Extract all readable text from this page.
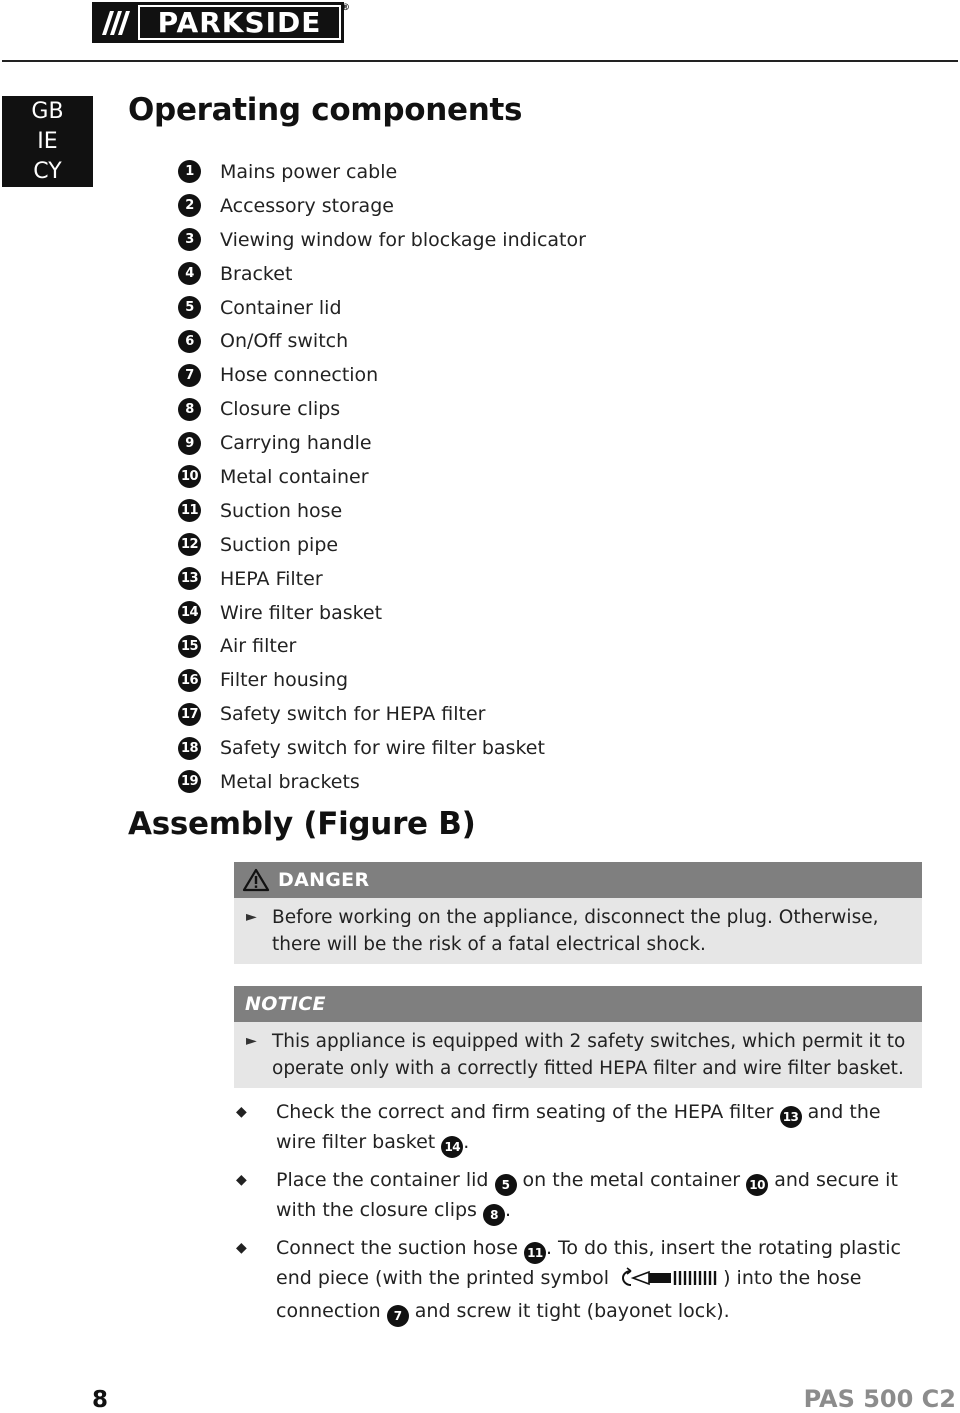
PARKSIDE ®
GB
IE
CY
Operating components
1	Mains power cable
2	Accessory storage
3	Viewing window for blockage indicator
4	Bracket
5	Container lid
6	On/Off switch
7	Hose connection
8	Closure clips
9	Carrying handle
10 Metal container
11 Suction hose
12 Suction pipe
13 HEPA Filter
14 Wire filter basket
15 Air filter
16 Filter housing
17 Safety switch for HEPA filter
18 Safety switch for wire filter basket
19 Metal brackets
Assembly (Figure B)
DANGER
► Before working on the appliance, disconnect the plug. Otherwise, there will be the risk of a fatal electrical shock.
NOTICE
► This appliance is equipped with 2 safety switches, which permit it to operate only with a correctly fitted HEPA filter and wire filter basket.
◆	Check the correct and firm seating of the HEPA filter 13 and the wire filter basket 14 .
◆	Place the container lid 5 on the metal container 10 and secure it with the closure clips 8 .
◆	Connect the suction hose 11 . To do this, insert the rotating plastic end piece (with the printed symbol	) into the hose connection 7 and screw it tight (bayonet lock).
8	PAS 500 C2
